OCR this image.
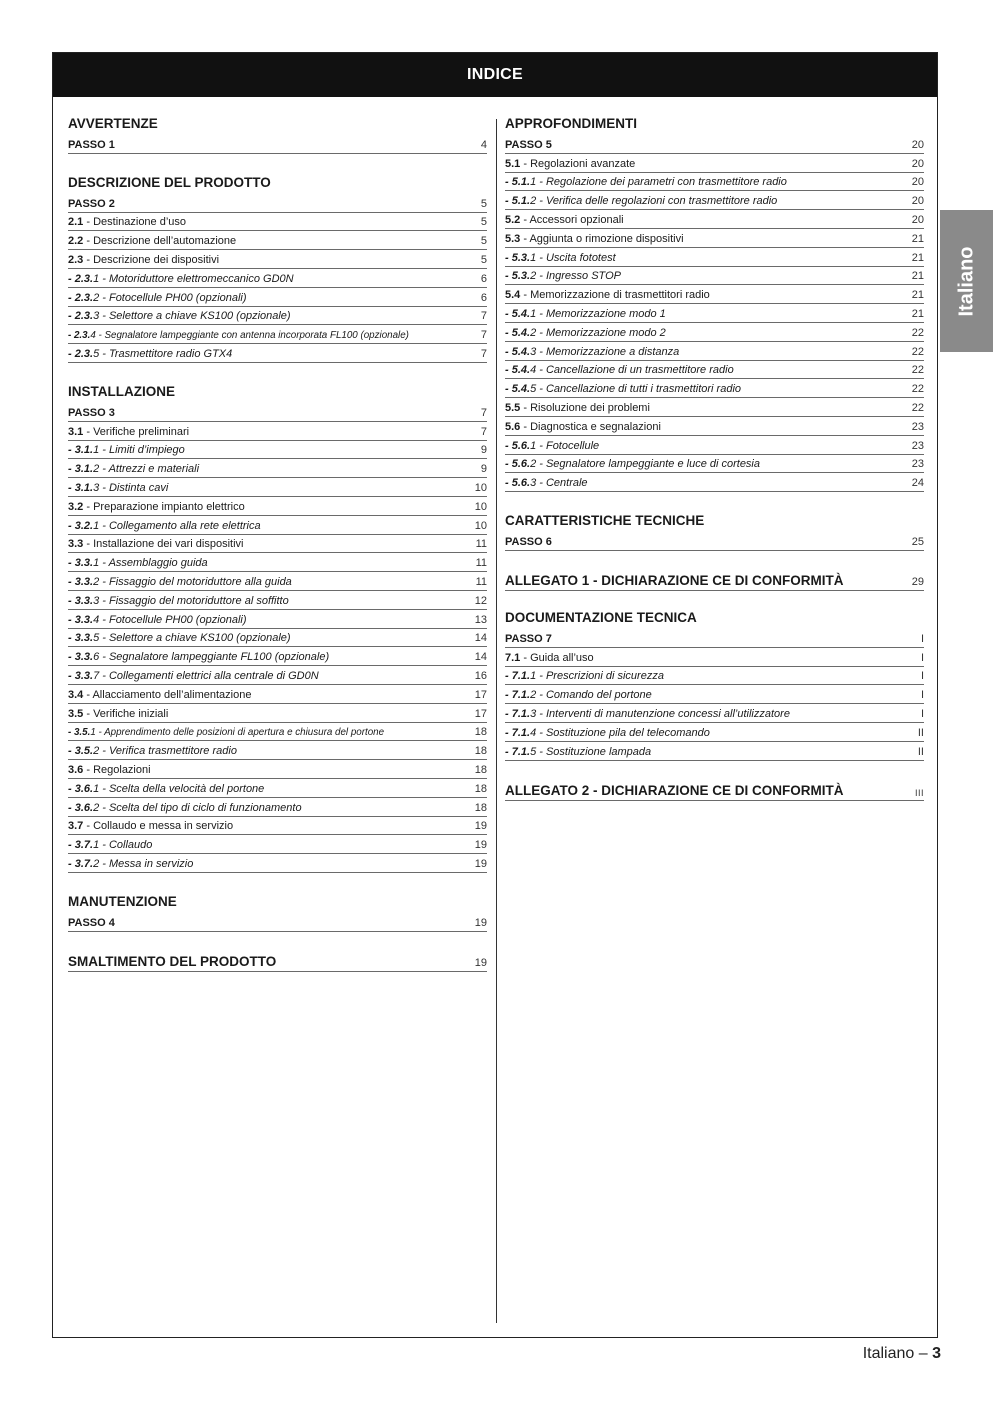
INDICE
AVVERTENZE
PASSO 1	4
DESCRIZIONE DEL PRODOTTO
PASSO 2	5
2.1 - Destinazione d’uso	5
2.2 - Descrizione dell’automazione	5
2.3 - Descrizione dei dispositivi	5
- 2.3.1 - Motoriduttore elettromeccanico GD0N	6
- 2.3.2 - Fotocellule PH00 (opzionali)	6
- 2.3.3 - Selettore a chiave KS100 (opzionale)	7
- 2.3.4 - Segnalatore lampeggiante con antenna incorporata FL100 (opzionale)	7
- 2.3.5 - Trasmettitore radio GTX4	7
INSTALLAZIONE
PASSO 3	7
3.1 - Verifiche preliminari	7
- 3.1.1 - Limiti d’impiego	9
- 3.1.2 - Attrezzi e materiali	9
- 3.1.3 - Distinta cavi	10
3.2 - Preparazione impianto elettrico	10
- 3.2.1 - Collegamento alla rete elettrica	10
3.3 - Installazione dei vari dispositivi	11
- 3.3.1 - Assemblaggio guida	11
- 3.3.2 - Fissaggio del motoriduttore alla guida	11
- 3.3.3 - Fissaggio del motoriduttore al soffitto	12
- 3.3.4 - Fotocellule PH00 (opzionali)	13
- 3.3.5 - Selettore a chiave KS100 (opzionale)	14
- 3.3.6 - Segnalatore lampeggiante FL100 (opzionale)	14
- 3.3.7 - Collegamenti elettrici alla centrale di GD0N	16
3.4 - Allacciamento dell’alimentazione	17
3.5 - Verifiche iniziali	17
- 3.5.1 - Apprendimento delle posizioni di apertura e chiusura del portone	18
- 3.5.2 - Verifica trasmettitore radio	18
3.6 - Regolazioni	18
- 3.6.1 - Scelta della velocità del portone	18
- 3.6.2 - Scelta del tipo di ciclo di funzionamento	18
3.7 - Collaudo e messa in servizio	19
- 3.7.1 - Collaudo	19
- 3.7.2 - Messa in servizio	19
MANUTENZIONE
PASSO 4	19
SMALTIMENTO DEL PRODOTTO	19
APPROFONDIMENTI
PASSO 5	20
5.1 - Regolazioni avanzate	20
- 5.1.1 - Regolazione dei parametri con trasmettitore radio	20
- 5.1.2 - Verifica delle regolazioni con trasmettitore radio	20
5.2 - Accessori opzionali	20
5.3 - Aggiunta o rimozione dispositivi	21
- 5.3.1 - Uscita fototest	21
- 5.3.2 - Ingresso STOP	21
5.4 - Memorizzazione di trasmettitori radio	21
- 5.4.1 - Memorizzazione modo 1	21
- 5.4.2 - Memorizzazione modo 2	22
- 5.4.3 - Memorizzazione a distanza	22
- 5.4.4 - Cancellazione di un trasmettitore radio	22
- 5.4.5 - Cancellazione di tutti i trasmettitori radio	22
5.5 - Risoluzione dei problemi	22
5.6 - Diagnostica e segnalazioni	23
- 5.6.1 - Fotocellule	23
- 5.6.2 - Segnalatore lampeggiante e luce di cortesia	23
- 5.6.3 - Centrale	24
CARATTERISTICHE TECNICHE
PASSO 6	25
ALLEGATO 1 - DICHIARAZIONE CE DI CONFORMITÀ	29
DOCUMENTAZIONE TECNICA
PASSO 7	I
7.1 - Guida all’uso	I
- 7.1.1 - Prescrizioni di sicurezza	I
- 7.1.2 - Comando del portone	I
- 7.1.3 - Interventi di manutenzione concessi all’utilizzatore	I
- 7.1.4 - Sostituzione pila del telecomando	II
- 7.1.5 - Sostituzione lampada	II
ALLEGATO 2 - DICHIARAZIONE CE DI CONFORMITÀ	III
Italiano
Italiano – 3
